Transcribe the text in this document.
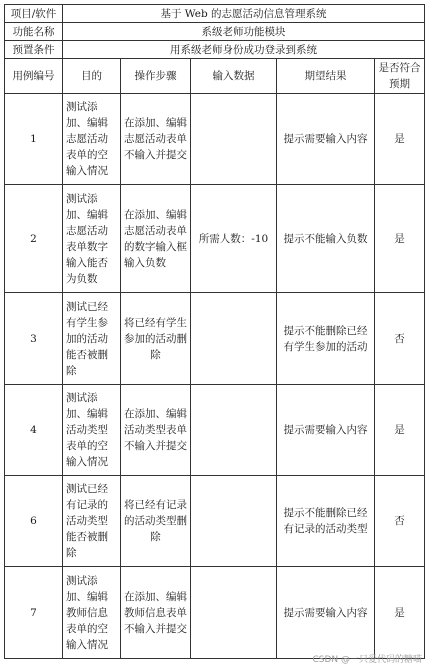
项目/软件	基于 Web 的志愿活动信息管理系统				
功能名称	系级老师功能模块				
预置条件	用系级老师身份成功登录到系统				
用例编号	目的	操作步骤	输入数据	期望结果	是否符合预期
1	测试添加、编辑志愿活动表单的空输入情况	在添加、编辑志愿活动表单不输入并提交		提示需要输入内容	是
2	测试添加、编辑志愿活动表单数字输入能否为负数	在添加、编辑志愿活动表单的数字输入框输入负数	所需人数：-10	提示不能输入负数	是
3	测试已经有学生参加的活动能否被删除	将已经有学生参加的活动删除		提示不能删除已经有学生参加的活动	否
4	测试添加、编辑活动类型表单的空输入情况	在添加、编辑活动类型表单不输入并提交		提示需要输入内容	是
6	测试已经有记录的活动类型能否被删除	将已经有记录的活动类型删除		提示不能删除已经有记录的活动类型	否
7	测试添加、编辑教师信息表单的空输入情况	在添加、编辑教师信息表单不输入并提交		提示需要输入内容	是
CSDN @一只爱代码的糖喵
